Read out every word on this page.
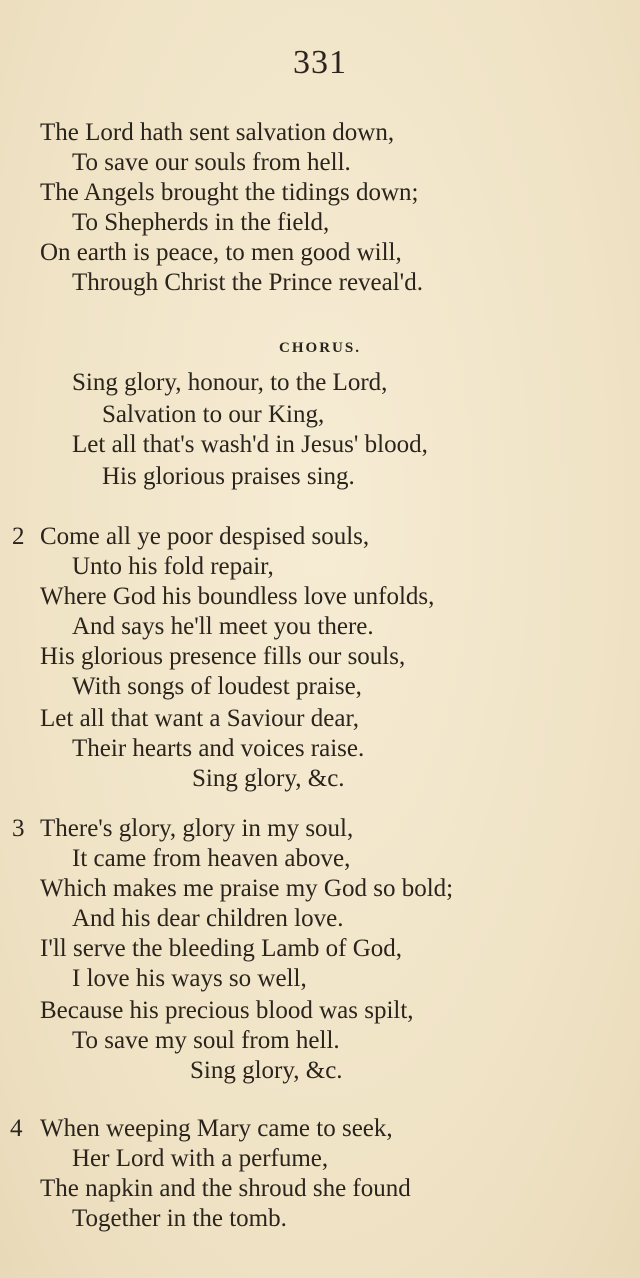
331
The Lord hath sent salvation down,
To save our souls from hell.
The Angels brought the tidings down;
To Shepherds in the field,
On earth is peace, to men good will,
Through Christ the Prince reveal'd.
CHORUS.
Sing glory, honour, to the Lord,
Salvation to our King,
Let all that's wash'd in Jesus' blood,
His glorious praises sing.
2 Come all ye poor despised souls,
Unto his fold repair,
Where God his boundless love unfolds,
And says he'll meet you there.
His glorious presence fills our souls,
With songs of loudest praise,
Let all that want a Saviour dear,
Their hearts and voices raise.
Sing glory, &c.
3 There's glory, glory in my soul,
It came from heaven above,
Which makes me praise my God so bold;
And his dear children love.
I'll serve the bleeding Lamb of God,
I love his ways so well,
Because his precious blood was spilt,
To save my soul from hell.
Sing glory, &c.
4 When weeping Mary came to seek,
Her Lord with a perfume,
The napkin and the shroud she found
Together in the tomb.
